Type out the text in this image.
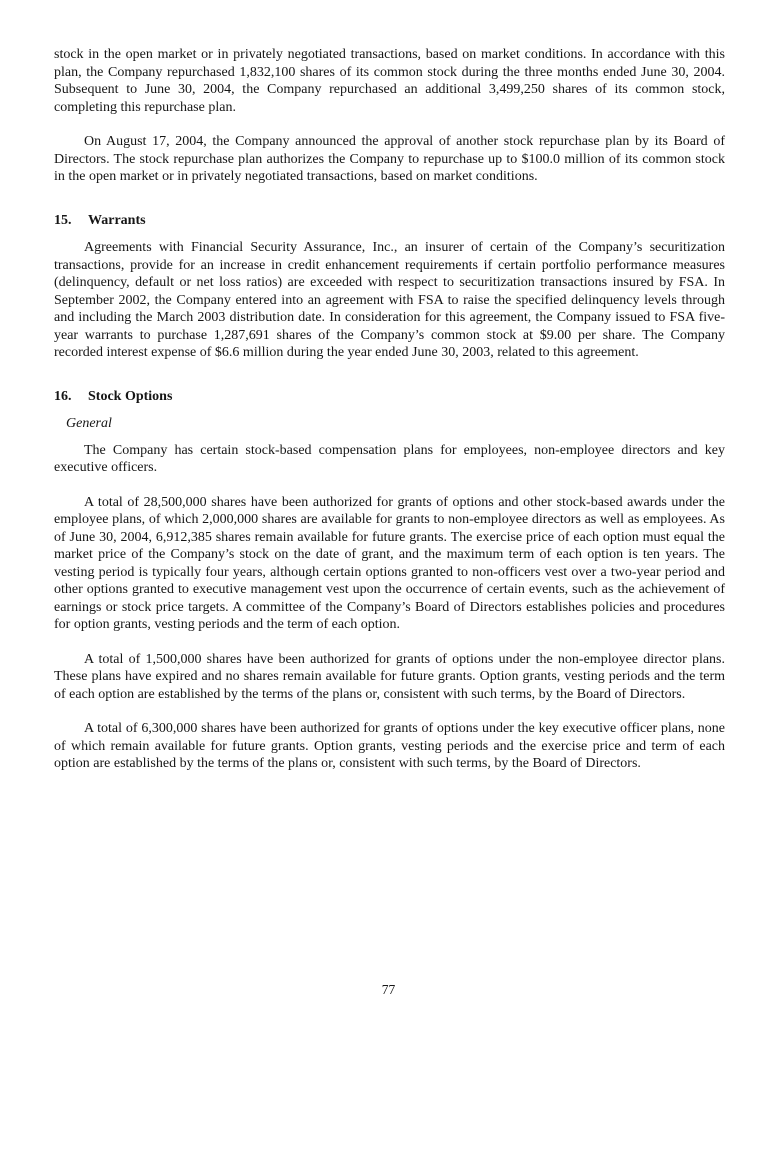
stock in the open market or in privately negotiated transactions, based on market conditions. In accordance with this plan, the Company repurchased 1,832,100 shares of its common stock during the three months ended June 30, 2004. Subsequent to June 30, 2004, the Company repurchased an additional 3,499,250 shares of its common stock, completing this repurchase plan.

On August 17, 2004, the Company announced the approval of another stock repurchase plan by its Board of Directors. The stock repurchase plan authorizes the Company to repurchase up to $100.0 million of its common stock in the open market or in privately negotiated transactions, based on market conditions.

15. Warrants

Agreements with Financial Security Assurance, Inc., an insurer of certain of the Company’s securitization transactions, provide for an increase in credit enhancement requirements if certain portfolio performance measures (delinquency, default or net loss ratios) are exceeded with respect to securitization transactions insured by FSA. In September 2002, the Company entered into an agreement with FSA to raise the specified delinquency levels through and including the March 2003 distribution date. In consideration for this agreement, the Company issued to FSA five-year warrants to purchase 1,287,691 shares of the Company’s common stock at $9.00 per share. The Company recorded interest expense of $6.6 million during the year ended June 30, 2003, related to this agreement.

16. Stock Options
General

The Company has certain stock-based compensation plans for employees, non-employee directors and key executive officers.

A total of 28,500,000 shares have been authorized for grants of options and other stock-based awards under the employee plans, of which 2,000,000 shares are available for grants to non-employee directors as well as employees. As of June 30, 2004, 6,912,385 shares remain available for future grants. The exercise price of each option must equal the market price of the Company’s stock on the date of grant, and the maximum term of each option is ten years. The vesting period is typically four years, although certain options granted to non-officers vest over a two-year period and other options granted to executive management vest upon the occurrence of certain events, such as the achievement of earnings or stock price targets. A committee of the Company’s Board of Directors establishes policies and procedures for option grants, vesting periods and the term of each option.

A total of 1,500,000 shares have been authorized for grants of options under the non-employee director plans. These plans have expired and no shares remain available for future grants. Option grants, vesting periods and the term of each option are established by the terms of the plans or, consistent with such terms, by the Board of Directors.

A total of 6,300,000 shares have been authorized for grants of options under the key executive officer plans, none of which remain available for future grants. Option grants, vesting periods and the exercise price and term of each option are established by the terms of the plans or, consistent with such terms, by the Board of Directors.

77
